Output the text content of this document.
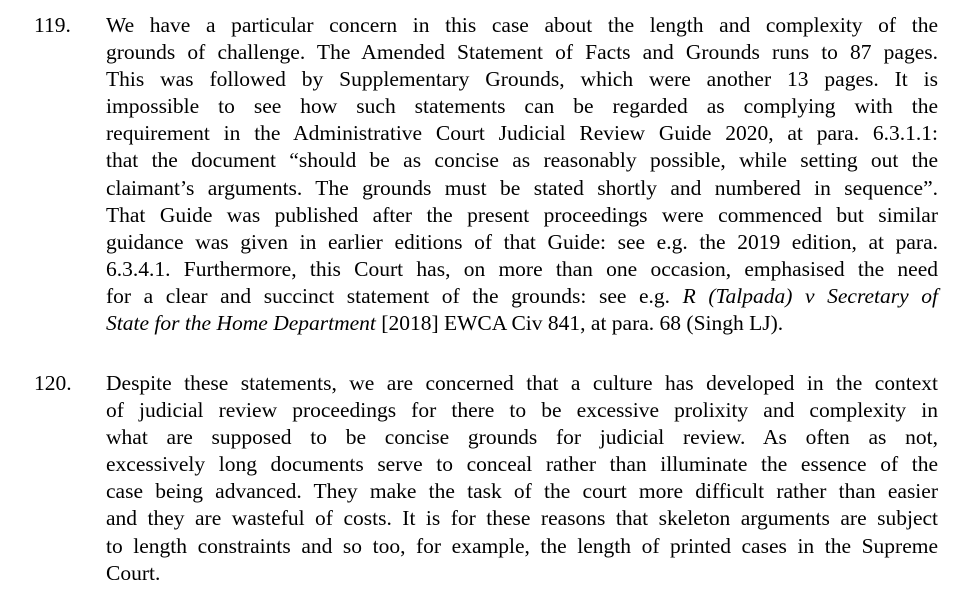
119. We have a particular concern in this case about the length and complexity of the
grounds of challenge. The Amended Statement of Facts and Grounds runs to 87 pages.
This was followed by Supplementary Grounds, which were another 13 pages. It is
impossible to see how such statements can be regarded as complying with the
requirement in the Administrative Court Judicial Review Guide 2020, at para. 6.3.1.1:
that the document “should be as concise as reasonably possible, while setting out the
claimant’s arguments. The grounds must be stated shortly and numbered in sequence”.
That Guide was published after the present proceedings were commenced but similar
guidance was given in earlier editions of that Guide: see e.g. the 2019 edition, at para.
6.3.4.1. Furthermore, this Court has, on more than one occasion, emphasised the need
for a clear and succinct statement of the grounds: see e.g. R (Talpada) v Secretary of
State for the Home Department [2018] EWCA Civ 841, at para. 68 (Singh LJ).
120. Despite these statements, we are concerned that a culture has developed in the context
of judicial review proceedings for there to be excessive prolixity and complexity in
what are supposed to be concise grounds for judicial review. As often as not,
excessively long documents serve to conceal rather than illuminate the essence of the
case being advanced. They make the task of the court more difficult rather than easier
and they are wasteful of costs. It is for these reasons that skeleton arguments are subject
to length constraints and so too, for example, the length of printed cases in the Supreme
Court.
